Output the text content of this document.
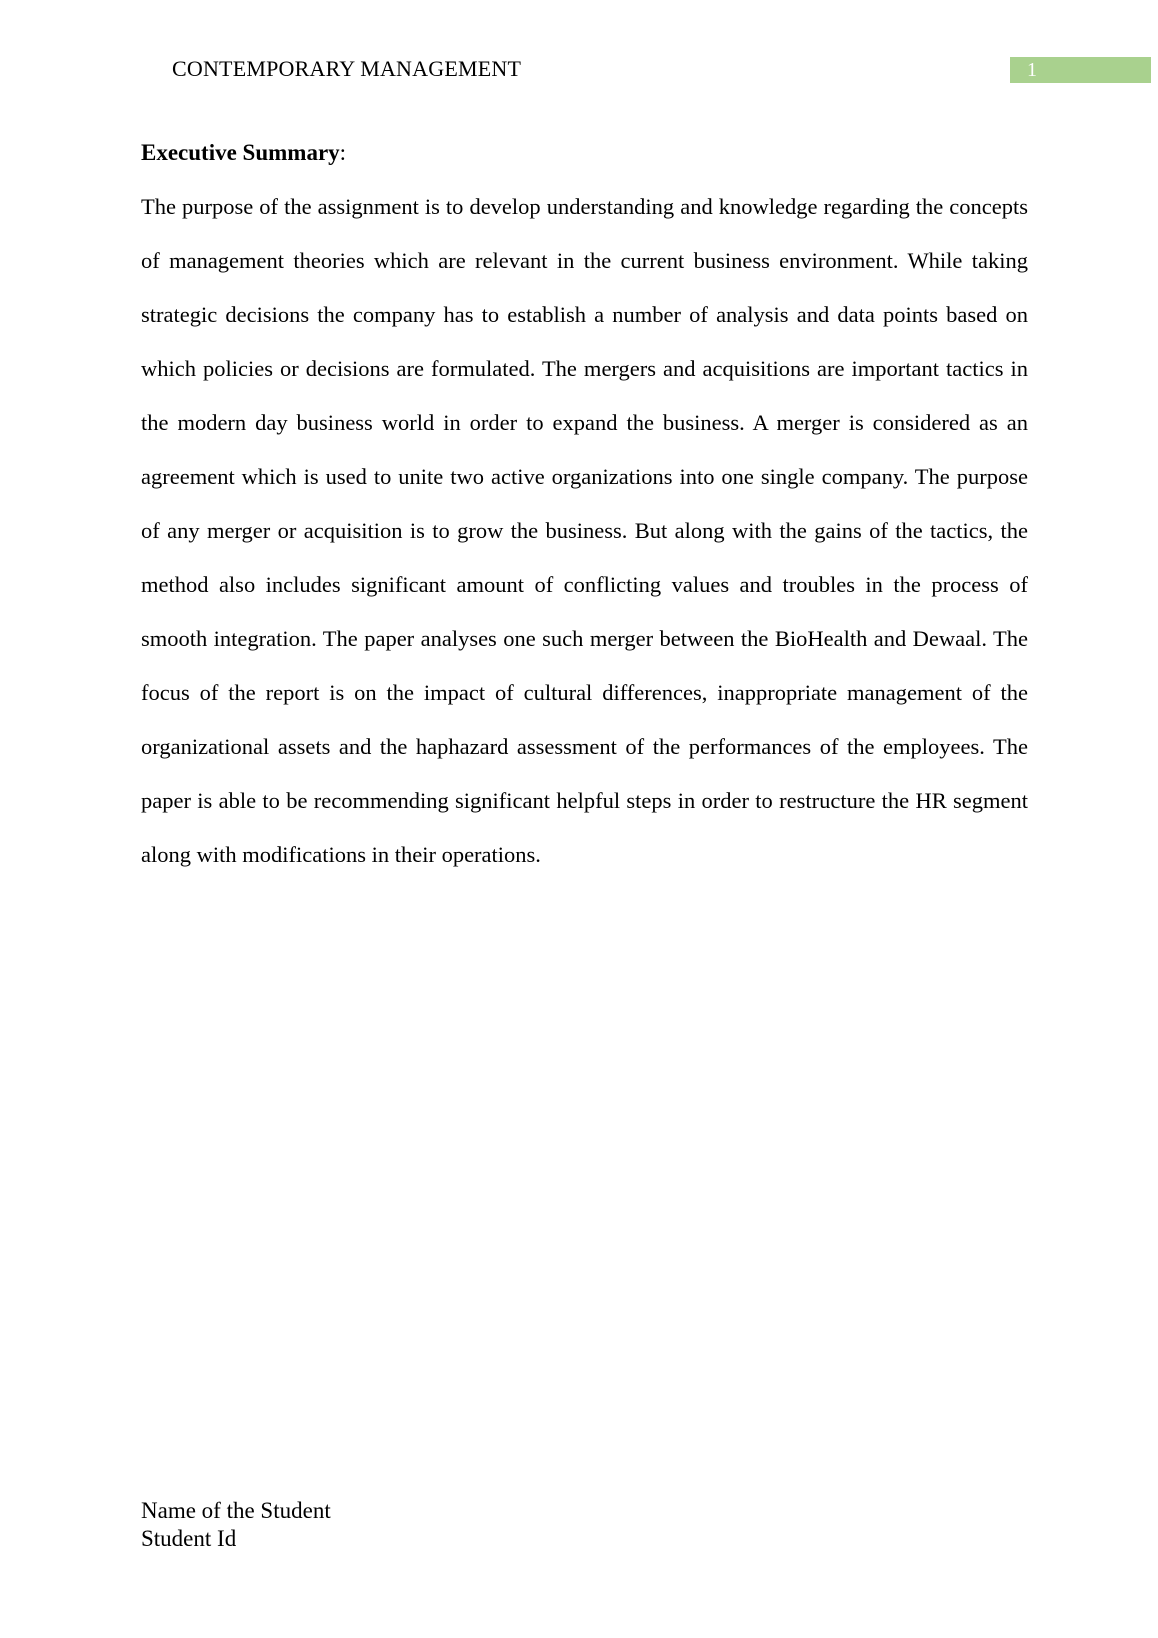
CONTEMPORARY MANAGEMENT	1
Executive Summary:

The purpose of the assignment is to develop understanding and knowledge regarding the concepts of management theories which are relevant in the current business environment. While taking strategic decisions the company has to establish a number of analysis and data points based on which policies or decisions are formulated. The mergers and acquisitions are important tactics in the modern day business world in order to expand the business. A merger is considered as an agreement which is used to unite two active organizations into one single company. The purpose of any merger or acquisition is to grow the business. But along with the gains of the tactics, the method also includes significant amount of conflicting values and troubles in the process of smooth integration. The paper analyses one such merger between the BioHealth and Dewaal. The focus of the report is on the impact of cultural differences, inappropriate management of the organizational assets and the haphazard assessment of the performances of the employees. The paper is able to be recommending significant helpful steps in order to restructure the HR segment along with modifications in their operations.

Name of the Student
Student Id
